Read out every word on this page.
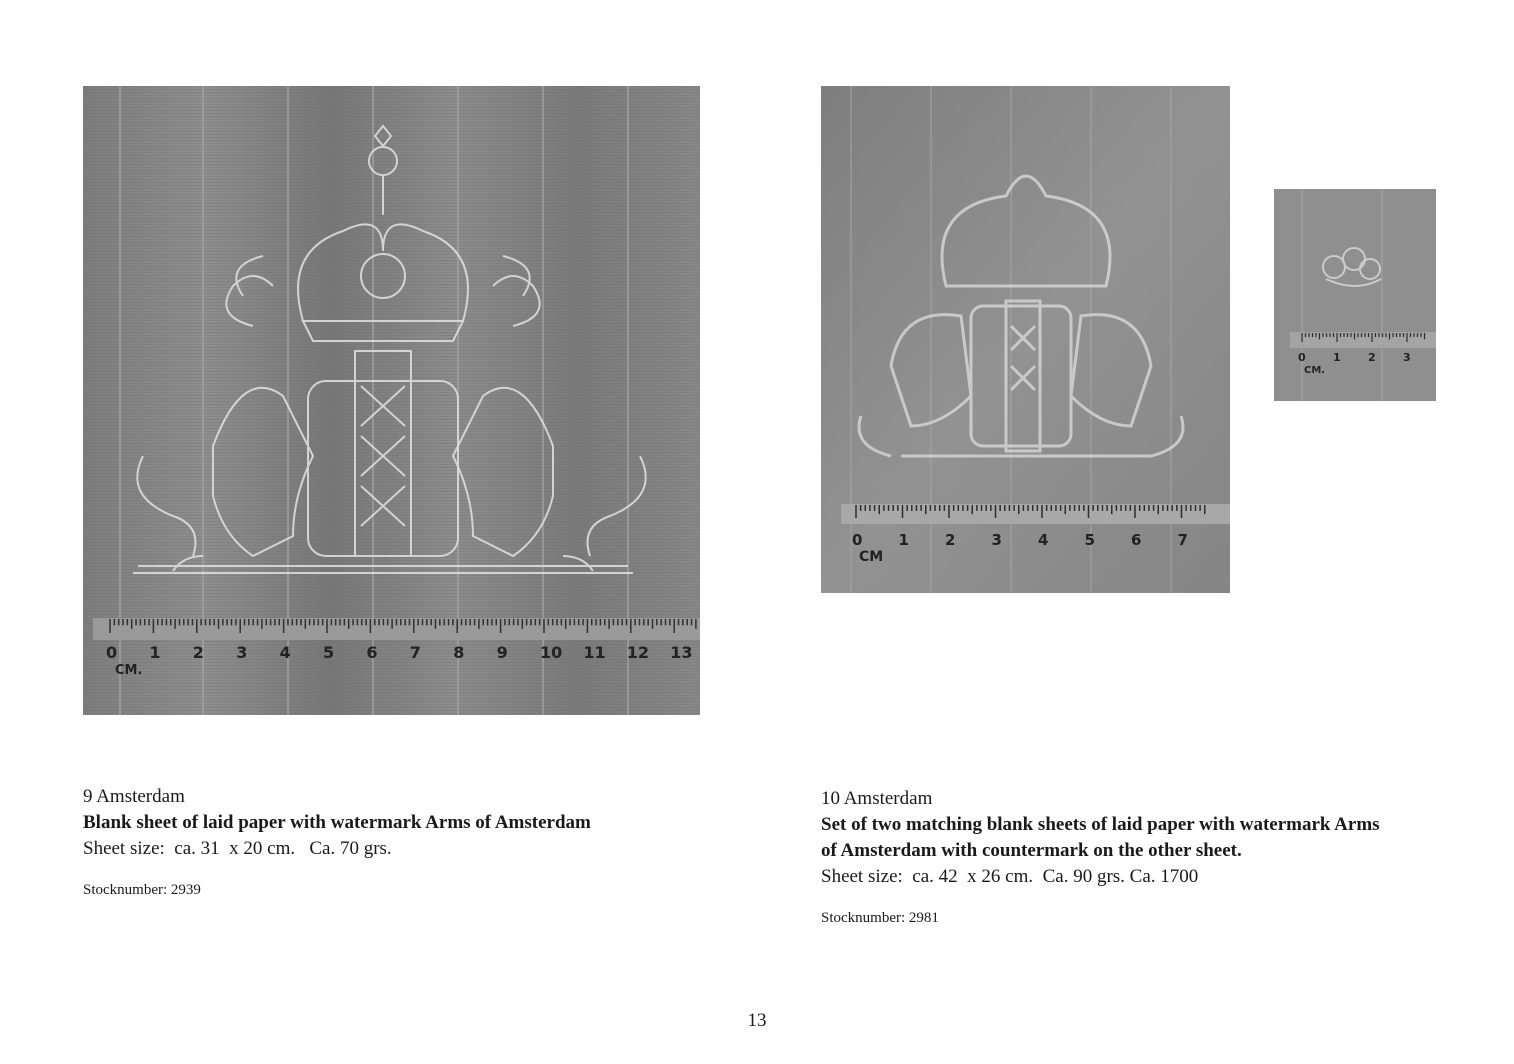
0 1 2 3 4 5 6 7 8 9 10 11 12 13
CM.
0 1 2 3 4 5 6 7
CM
0 1 2 3
CM.
9 Amsterdam
Blank sheet of laid paper with watermark Arms of Amsterdam
Sheet size:  ca. 31  x 20 cm.   Ca. 70 grs.
Stocknumber: 2939
10 Amsterdam
Set of two matching blank sheets of laid paper with watermark Arms
of Amsterdam with countermark on the other sheet.
Sheet size:  ca. 42  x 26 cm.  Ca. 90 grs. Ca. 1700
Stocknumber: 2981
13
